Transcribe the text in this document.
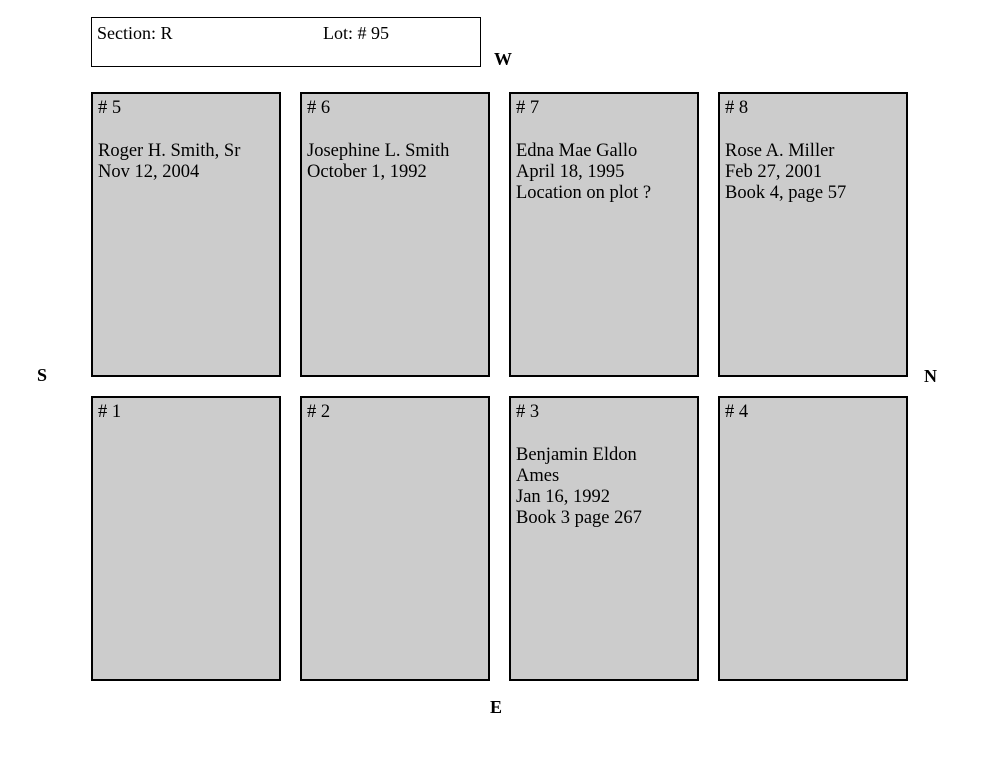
Section: R	Lot: # 95
W
S	N
E
# 5
Roger H. Smith, Sr
Nov 12, 2004
# 6
Josephine L. Smith
October 1, 1992
# 7
Edna Mae Gallo
April 18, 1995
Location on plot ?
# 8
Rose A. Miller
Feb 27, 2001
Book 4, page 57
# 1	# 2	# 3
Benjamin Eldon
Ames
Jan 16, 1992
Book 3 page 267
# 4
